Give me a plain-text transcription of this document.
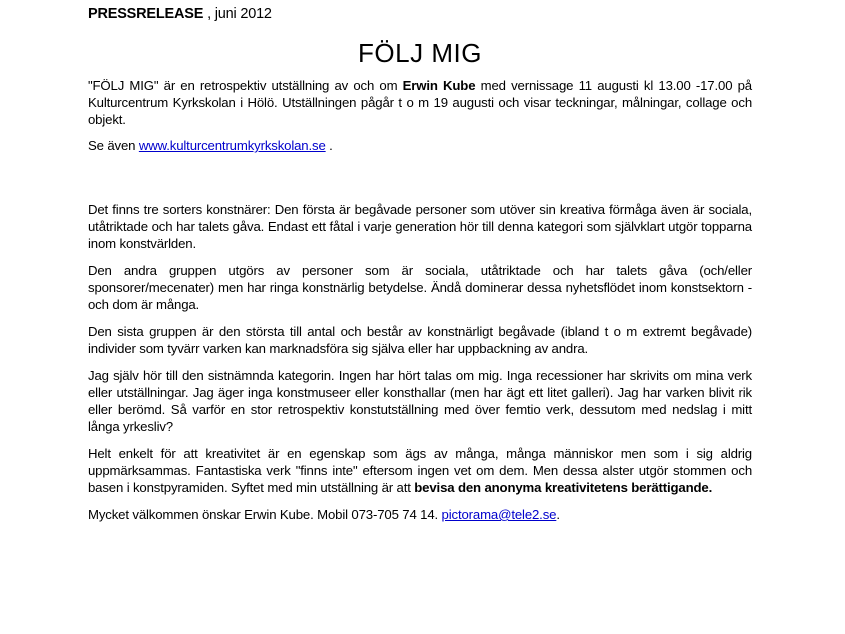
PRESSRELEASE , juni 2012
FÖLJ MIG

"FÖLJ MIG" är en retrospektiv utställning av och om Erwin Kube med vernissage 11 augusti kl 13.00 -17.00 på Kulturcentrum Kyrkskolan i Hölö. Utställningen pågår t o m 19 augusti och visar teckningar, målningar, collage och objekt.

Se även www.kulturcentrumkyrkskolan.se .

Det finns tre sorters konstnärer: Den första är begåvade personer som utöver sin kreativa förmåga även är sociala, utåtriktade och har talets gåva. Endast ett fåtal i varje generation hör till denna kategori som självklart utgör topparna inom konstvärlden.

Den andra gruppen utgörs av personer som är sociala, utåtriktade och har talets gåva (och/eller sponsorer/mecenater) men har ringa konstnärlig betydelse. Ändå dominerar dessa nyhetsflödet inom konstsektorn - och dom är många.

Den sista gruppen är den största till antal och består av konstnärligt begåvade (ibland t o m extremt begåvade) individer som tyvärr varken kan marknadsföra sig själva eller har uppbackning av andra.

Jag själv hör till den sistnämnda kategorin. Ingen har hört talas om mig. Inga recessioner har skrivits om mina verk eller utställningar. Jag äger inga konstmuseer eller konsthallar (men har ägt ett litet galleri). Jag har varken blivit rik eller berömd. Så varför en stor retrospektiv konstutställning med över femtio verk, dessutom med nedslag i mitt långa yrkesliv?

Helt enkelt för att kreativitet är en egenskap som ägs av många, många människor men som i sig aldrig uppmärksammas. Fantastiska verk "finns inte" eftersom ingen vet om dem. Men dessa alster utgör stommen och basen i konstpyramiden. Syftet med min utställning är att bevisa den anonyma kreativitetens berättigande.

Mycket välkommen önskar Erwin Kube. Mobil 073-705 74 14. pictorama@tele2.se.
